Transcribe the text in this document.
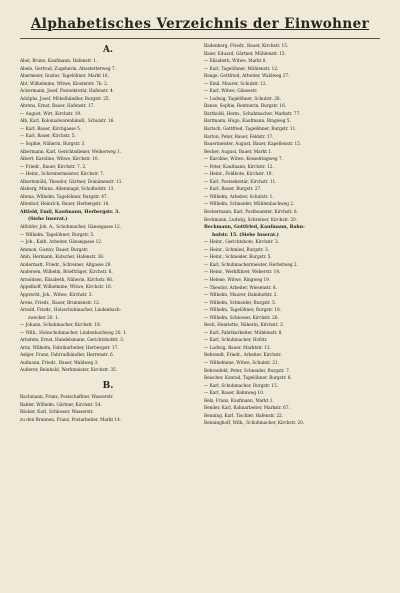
Alphabetisches Verzeichnis der Einwohner
A.
Abel, Bruno, Kaufmann, Hafenstr. 1.
Abele, Gertrud, Zugeherin, Altestetterweg 7.
Abermeier, Gustav, Tagelöhner, Markt 16.
Abt, Wilhelmine, Witwe, Klosterstr. 7b. 2.
Ackermann, Josef, Postsekretär, Hafenstr. 4.
Adolphs, Josef, Möbelhändler, Burgstr. 25.
Ahrens, Ernst, Bauer, Hafenstr. 17.
— August, Wirt, Kirchstr. 19.
Alb, Karl, Kolonialwarenhändl., Schulstr. 16.
— Karl, Bauer, Kirchgasse 5.
— Karl, Bauer, Kirchstr. 5.
— Sophie, Näherin, Burgstr. 3.
Albermann, Karl, Gerichtsdiener, Weiherweg 1.
Albert, Karoline, Witwe, Kirchstr. 10.
— Friedr., Bauer, Kirchstr. 7. 2.
— Heinr., Schreinermeister, Kirchstr. 7.
Albertsmühl, Theodor, Gärtner, Domänenstr. 11.
Alsberg, Minna, Altenmagd, Schulhofstr. 13.
Altena, Wilhelm, Tagelöhner, Burgstr. 47.
Altenhof, Heinrich, Bauer, Herbergstr. 18.
Altfeld, Emil, Kaufmann, Herbergstr. 3.
(Siehe Inserat.)
Althöfer, Joh. A., Schuhmacher, Gänsegasse 12.
— Wilhelm, Tagelöhner, Burgstr. 5.
— Joh., Kath. Arbeiter, Gänsegasse 12.
Ammon, Gustav, Bauer, Burgstr.
Amh, Hermann, Kutscher, Hafenstr. 36.
Andermatt, Friedr., Schreiner, Altgasse 29.
Andersen, Wilhelm, Briefträger, Kirchstr. 6.
Arnoldsen, Elisabeth, Näherin, Kirchstr. 66.
Appelhoff, Wilhelmine, Witwe, Kirchstr. 16.
Apprecht, Joh., Witwe, Kirchstr. 3.
Arens, Friedr., Bauer, Brunnenstr. 12.
Arnold, Friedr., Holzschuhmacher, Lindenbach-
zwecker 20. 1.
— Johann, Schuhmacher, Kirchstr. 18.
— Wilh., Holzschuhmacher, Lindenbachweg 20. 1.
Arnstein, Ernst, Handelsmann, Gerichtshofstr. 3.
Arnz, Wilhelm, Fabrikarbeiter, Herbergstr. 17.
Asbjer, Franz, Fahrradhändler, Herrenstr. 6.
Aufmann, Friedr., Bauer, Waldweg 3.
Außerer, Reinhold, Werkmeister, Kirchstr. 35.
B.
Bachmann, Franz, Postschaffner, Wasserstr.
Babler, Wilhelm, Gärtner, Kirchstr. 54.
Bäcker, Karl, Schlosser, Wasserstr.
zu den Brunnen, Franz, Postarbeiter, Markt 14.
Badenberg, Friedr., Bauer, Kirchstr. 15.
Baier, Eduard, Gärtner, Mühlenstr. 15.
— Elisabeth, Witwe, Markt 8.
— Karl, Tagelöhner, Mühlenstr. 12.
Bange, Gottfried, Arbeiter, Waldweg 27.
— Emil, Maurer, Schulstr. 12.
— Karl, Witwe, Gänsestr.
— Ludwig, Tagelöhner, Schulstr. 28.
Banse, Sophie, Rentnerin, Burgstr. 16.
Bartholdi, Herm., Schuhmacher, Markstr. 77.
Bartmann, Hugo, Kaufmann, Ringweg 5.
Bartsch, Gottfried, Tagelöhner, Burgstr. 11.
Barton, Peter, Bauer, Feldstr. 17.
Bauermeister, August, Bauer, Kapellenstr. 15.
Becker, August, Bauer, Markt 1.
— Karoline, Witwe, Kesselringweg 7.
— Peter, Kaufmann, Kirchstr. 12.
— Heinr., Feldbote, Kirchstr. 19.
— Karl, Postsekretär, Kirchstr. 11.
— Karl, Bauer, Burgstr. 27.
— Wilhelm, Arbeiter, Schulstr. 1.
— Wilhelm, Schneider, Mühlenbachweg 2.
Beckermann, Karl, Postbeamter, Kirchstr. 8.
Beckmann, Ludwig, Schreiner, Kirchstr. 20.
Beckmann, Gottfried, Kaufmann, Bahn-
hofstr. 15. (Siehe Inserat.)
— Heinr., Gerichtsbote, Kirchstr. 3.
— Heinr., Schmied, Burgstr. 3.
— Heinr., Schneider, Burgstr. 5.
— Karl, Schuhmachermeister, Herbstweg 2.
— Heinr., Werkführer, Weberstr. 14.
— Helene, Witwe, Ringweg 19.
— Theodor, Arbeiter, Wiesenstr. 8.
— Wilhelm, Maurer, Bahnhofstr. 2.
— Wilhelm, Schneider, Burgstr. 5.
— Wilhelm, Tagelöhner, Burgstr. 18.
— Wilhelm, Schlosser, Kirchstr. 26.
Beck, Henriette, Näherin, Kirchstr. 3.
— Karl, Fabrikarbeiter, Mühlenstr. 8.
— Karl, Schuhmacher, Hofstr.
— Ludwig, Bauer, Marktstr. 13.
Behrendt, Friedr., Arbeiter, Kirchstr.
— Wilhelmine, Witwe, Schulstr. 21.
Behrenfeld, Peter, Schneider, Burgstr. 7.
Beischer, Konrad, Tagelöhner, Burgstr. 8.
— Karl, Schuhmacher, Burgstr. 15.
— Karl, Bauer, Bahnweg 10.
Belz, Franz, Kaufmann, Markt 1.
Bender, Karl, Bahnarbeiter, Markstr. 67.
Benning, Karl, Tischler, Hafenstr. 22.
Benninghoff, Wilh., Schuhmacher, Kirchstr. 20.
